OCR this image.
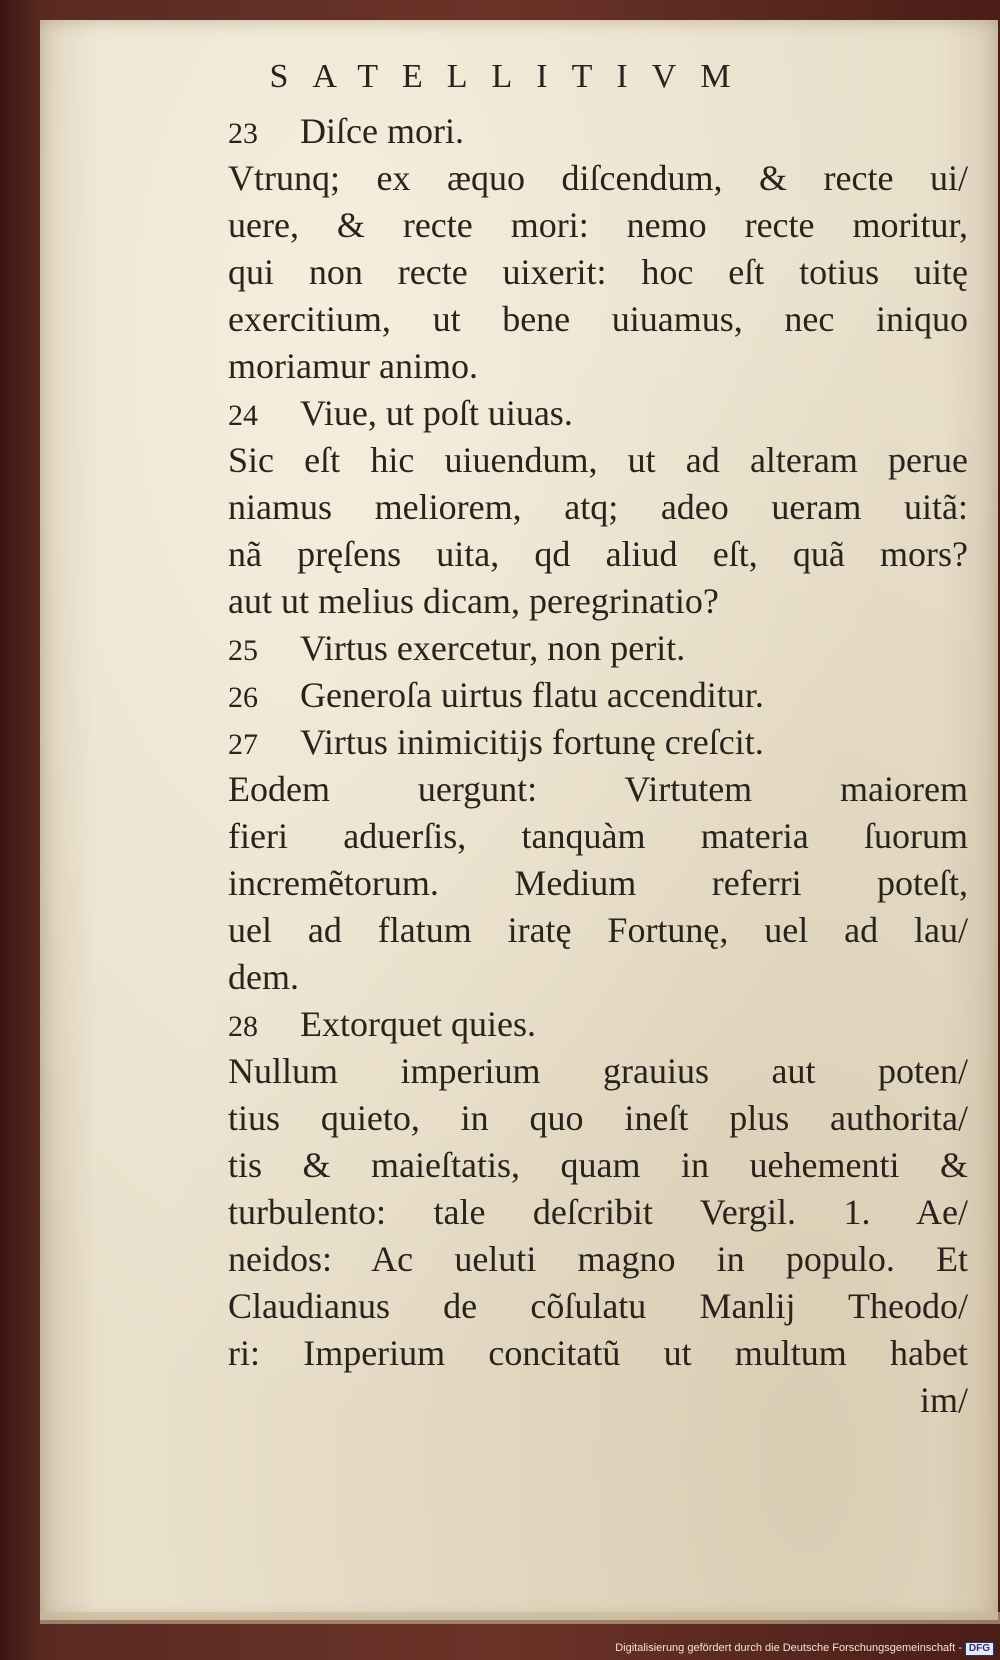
SATELLITIVM
23 Diſce mori.
Vtrunq; ex æquo diſcendum, & recte ui/
uere, & recte mori: nemo recte moritur,
qui non recte uixerit: hoc eſt totius uitę
exercitium, ut bene uiuamus, nec iniquo
moriamur animo.
24 Viue, ut poſt uiuas.
Sic eſt hic uiuendum, ut ad alteram perue
niamus meliorem, atq; adeo ueram uitã:
nã pręſens uita, qd aliud eſt, quã mors?
aut ut melius dicam, peregrinatio?
25 Virtus exercetur, non perit.
26 Generoſa uirtus flatu accenditur.
27 Virtus inimicitijs fortunę creſcit.
Eodem uergunt: Virtutem maiorem
fieri aduerſis, tanquàm materia ſuorum
incremẽtorum. Medium referri poteſt,
uel ad flatum iratę Fortunę, uel ad lau/
dem.
28 Extorquet quies.
Nullum imperium grauius aut poten/
tius quieto, in quo ineſt plus authorita/
tis & maieſtatis, quam in uehementi &
turbulento: tale deſcribit Vergil. 1. Ae/
neidos: Ac ueluti magno in populo. Et
Claudianus de cõſulatu Manlij Theodo/
ri: Imperium concitatũ ut multum habet
im/
Digitalisierung gefördert durch die Deutsche Forschungsgemeinschaft - DFG
